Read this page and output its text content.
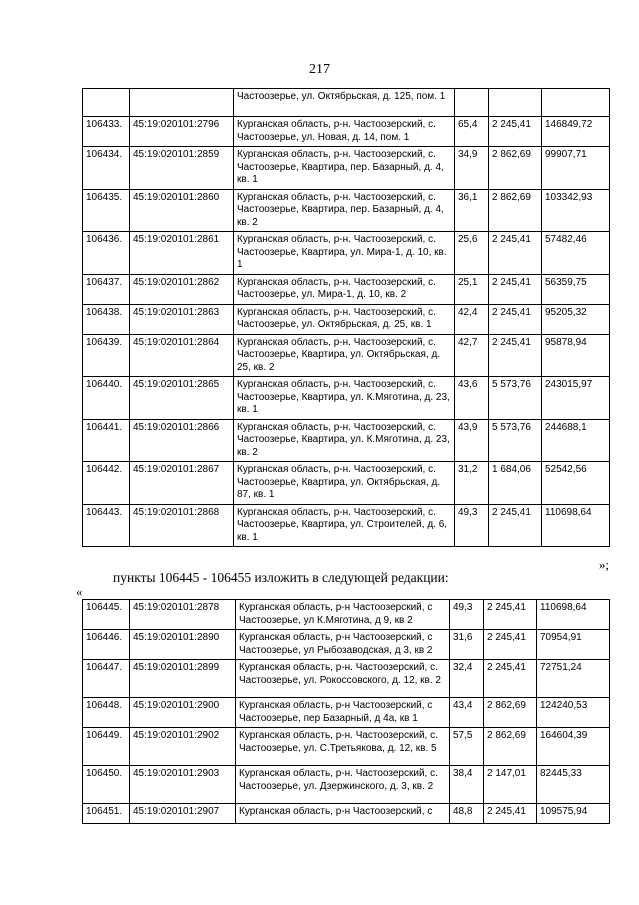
217
		Частоозерье, ул. Октябрьская, д. 125, пом. 1			
106433.	45:19:020101:2796	Курганская область, р-н. Частоозерский, с. Частоозерье, ул. Новая, д. 14, пом. 1	65,4	2 245,41	146849,72
106434.	45:19:020101:2859	Курганская область, р-н. Частоозерский, с. Частоозерье, Квартира, пер. Базарный, д. 4, кв. 1	34,9	2 862,69	99907,71
106435.	45:19:020101:2860	Курганская область, р-н. Частоозерский, с. Частоозерье, Квартира, пер. Базарный, д. 4, кв. 2	36,1	2 862,69	103342,93
106436.	45:19:020101:2861	Курганская область, р-н. Частоозерский, с. Частоозерье, Квартира, ул. Мира-1, д. 10, кв. 1	25,6	2 245,41	57482,46
106437.	45:19:020101:2862	Курганская область, р-н. Частоозерский, с. Частоозерье, ул. Мира-1, д. 10, кв. 2	25,1	2 245,41	56359,75
106438.	45:19:020101:2863	Курганская область, р-н. Частоозерский, с. Частоозерье, ул. Октябрьская, д. 25, кв. 1	42,4	2 245,41	95205,32
106439.	45:19:020101:2864	Курганская область, р-н. Частоозерский, с. Частоозерье, Квартира, ул. Октябрьская, д. 25, кв. 2	42,7	2 245,41	95878,94
106440.	45:19:020101:2865	Курганская область, р-н. Частоозерский, с. Частоозерье, Квартира, ул. К.Мяготина, д. 23, кв. 1	43,6	5 573,76	243015,97
106441.	45:19:020101:2866	Курганская область, р-н. Частоозерский, с. Частоозерье, Квартира, ул. К.Мяготина, д. 23, кв. 2	43,9	5 573,76	244688,1
106442.	45:19:020101:2867	Курганская область, р-н. Частоозерский, с. Частоозерье, Квартира, ул. Октябрьская, д. 87, кв. 1	31,2	1 684,06	52542,56
106443.	45:19:020101:2868	Курганская область, р-н. Частоозерский, с. Частоозерье, Квартира, ул. Строителей, д. 6, кв. 1	49,3	2 245,41	110698,64
»;
пункты 106445 - 106455 изложить в следующей редакции:
«
106445.	45:19:020101:2878	Курганская область, р-н Частоозерский, с Частоозерье, ул К.Мяготина, д 9, кв 2	49,3	2 245,41	110698,64
106446.	45:19:020101:2890	Курганская область, р-н Частоозерский, с Частоозерье, ул Рыбозаводская, д 3, кв 2	31,6	2 245,41	70954,91
106447.	45:19:020101:2899	Курганская область, р-н. Частоозерский, с. Частоозерье, ул. Рокоссовского, д. 12, кв. 2	32,4	2 245,41	72751,24
106448.	45:19:020101:2900	Курганская область, р-н Частоозерский, с Частоозерье, пер Базарный, д 4а, кв 1	43,4	2 862,69	124240,53
106449.	45:19:020101:2902	Курганская область, р-н. Частоозерский, с. Частоозерье, ул. С.Третьякова, д. 12, кв. 5	57,5	2 862,69	164604,39
106450.	45:19:020101:2903	Курганская область, р-н. Частоозерский, с. Частоозерье, ул. Дзержинского, д. 3, кв. 2	38,4	2 147,01	82445,33
106451.	45:19:020101:2907	Курганская область, р-н Частоозерский, с	48,8	2 245,41	109575,94
